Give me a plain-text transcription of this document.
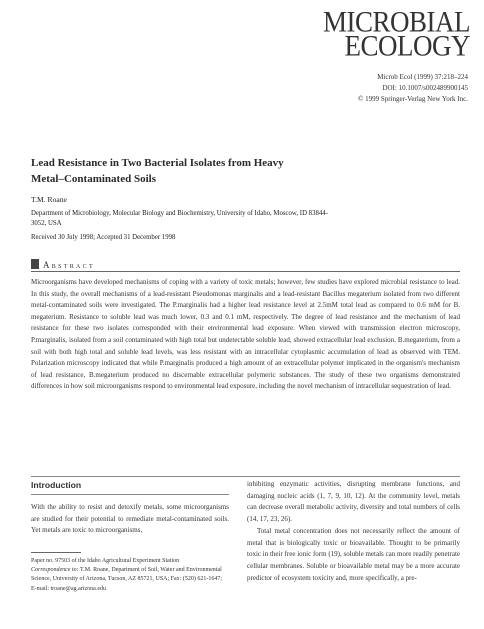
MICROBIAL
ECOLOGY
Microb Ecol (1999) 37:218–224
DOI: 10.1007/s002489900145
© 1999 Springer-Verlag New York Inc.
Lead Resistance in Two Bacterial Isolates from Heavy
Metal–Contaminated Soils
T.M. Roane
Department of Microbiology, Molecular Biology and Biochemistry, University of Idaho, Moscow, ID 83844-3052, USA
Received 30 July 1998; Accepted 31 December 1998
Abstract
Microorganisms have developed mechanisms of coping with a variety of toxic metals; however, few studies have explored microbial resistance to lead. In this study, the overall mechanisms of a lead-resistant Pseudomonas marginalis and a lead-resistant Bacillus megaterium isolated from two different metal-contaminated soils were investigated. The P.marginalis had a higher lead resistance level at 2.5mM total lead as compared to 0.6 mM for B. megaterium. Resistance to soluble lead was much lower, 0.3 and 0.1 mM, respectively. The degree of lead resistance and the mechanism of lead resistance for these two isolates corresponded with their environmental lead exposure. When viewed with transmission electron microscopy, P.marginalis, isolated from a soil contaminated with high total but undetectable soluble lead, showed extracellular lead exclusion. B.megaterium, from a soil with both high total and soluble lead levels, was less resistant with an intracellular cytoplasmic accumulation of lead as observed with TEM. Polarization microscopy indicated that while P.marginalis produced a high amount of an extracellular polymer implicated in the organism's mechanism of lead resistance, B.megaterium produced no discernable extracellular polymeric substances. The study of these two organisms demonstrated differences in how soil microorganisms respond to environmental lead exposure, including the novel mechanism of intracellular sequestration of lead.
Introduction
With the ability to resist and detoxify metals, some microorganisms are studied for their potential to remediate metal-contaminated soils. Yet metals are toxic to microorganisms,
Paper no. 97503 of the Idaho Agricultural Experiment Station
Correspondence to: T.M. Roane, Department of Soil, Water and Environmental Science, University of Arizona, Tucson, AZ 85721, USA; Fax: (520) 621-1647; E-mail: troane@ag.arizona.edu

inhibiting enzymatic activities, disrupting membrane functions, and damaging nucleic acids (1, 7, 9, 10, 12). At the community level, metals can decrease overall metabolic activity, diversity and total numbers of cells (14, 17, 23, 26).

Total metal concentration does not necessarily reflect the amount of metal that is biologically toxic or bioavailable. Thought to be primarily toxic in their free ionic form (19), soluble metals can more readily penetrate cellular membranes. Soluble or bioavailable metal may be a more accurate predictor of ecosystem toxicity and, more specifically, a pre-
